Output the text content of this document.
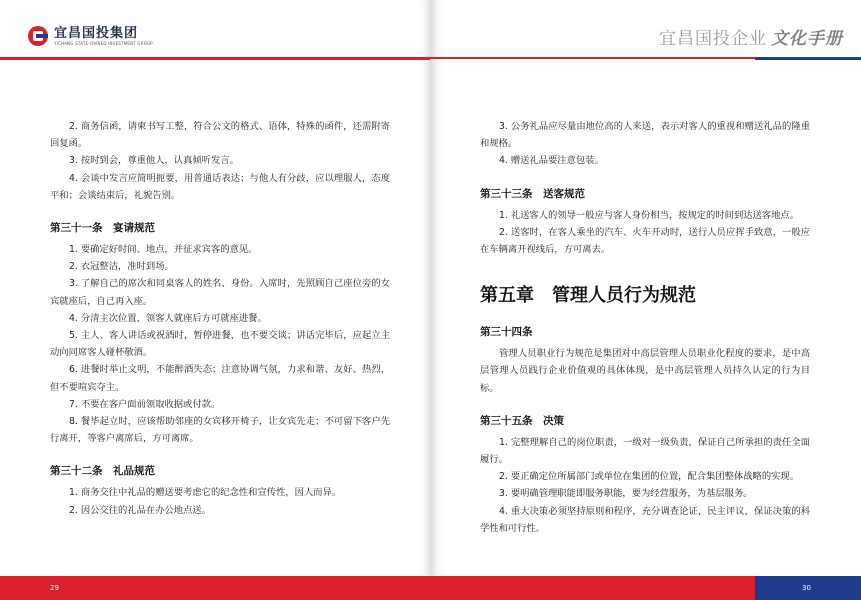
宜昌国投集团
YICHANG STATE-OWNED INVESTMENT GROUP

2. 商务信函，请柬书写工整，符合公文的格式、语体，特殊的函件，还需附寄回复函。

3. 按时到会，尊重他人，认真倾听发言。

4. 会谈中发言应简明扼要，用普通话表达；与他人有分歧，应以理服人，态度平和；会谈结束后，礼貌告别。

第三十一条　宴请规范

1. 要确定好时间、地点，并征求宾客的意见。

2. 衣冠整洁，准时到场。

3. 了解自己的席次和同桌客人的姓名、身份。入席时，先照顾自己座位旁的女宾就座后，自己再入座。

4. 分清主次位置，领客人就座后方可就座进餐。

5. 主人、客人讲话或祝酒时，暂停进餐，也不要交谈；讲话完毕后，应起立主动向同席客人碰杯敬酒。

6. 进餐时举止文明，不能醉酒失态；注意协调气氛，力求和谐、友好、热烈，但不要喧宾夺主。

7. 不要在客户面前领取收据或付款。

8. 餐毕起立时，应该帮助邻座的女宾移开椅子，让女宾先走；不可留下客户先行离开，等客户离席后，方可离席。

第三十二条　礼品规范

1. 商务交往中礼品的赠送要考虑它的纪念性和宣传性，因人而异。

2. 因公交往的礼品在办公地点送。

29
宜昌国投企业 文化手册

3. 公务礼品应尽量由地位高的人来送，表示对客人的重视和赠送礼品的隆重和规格。

4. 赠送礼品要注意包装。

第三十三条　送客规范

1. 礼送客人的领导一般应与客人身份相当，按规定的时间到达送客地点。

2. 送客时，在客人乘坐的汽车、火车开动时，送行人员应挥手致意，一般应在车辆离开视线后，方可离去。

第五章　管理人员行为规范
第三十四条

管理人员职业行为规范是集团对中高层管理人员职业化程度的要求，是中高层管理人员践行企业价值观的具体体现，是中高层管理人员持久认定的行为目标。

第三十五条　决策

1. 完整理解自己的岗位职责，一级对一级负责，保证自己所承担的责任全面履行。

2. 要正确定位所属部门或单位在集团的位置，配合集团整体战略的实现。

3. 要明确管理职能即服务职能，要为经营服务，为基层服务。

4. 重大决策必须坚持原则和程序，充分调查论证，民主评议，保证决策的科学性和可行性。

30
